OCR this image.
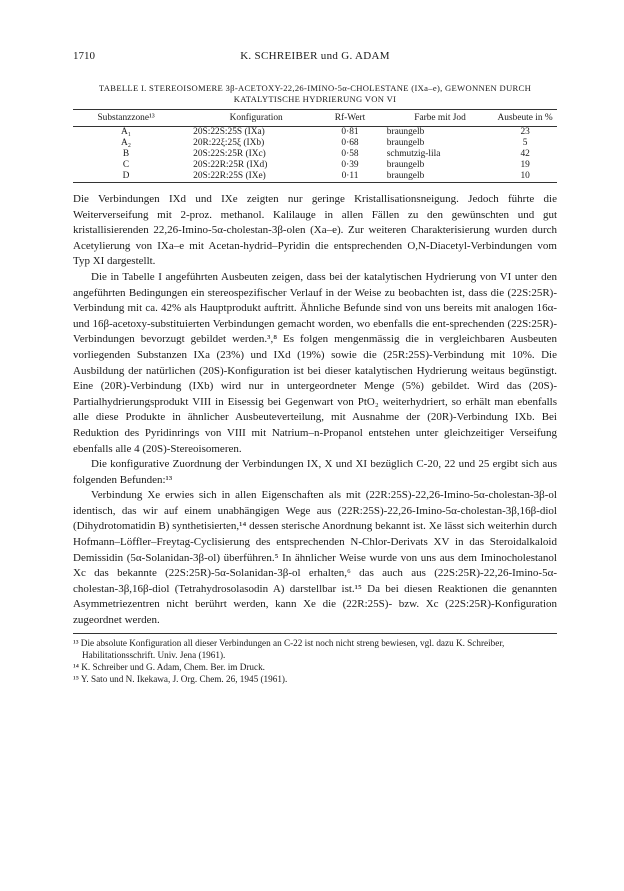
1710	K. SCHREIBER und G. ADAM
TABELLE I. STEREOISOMERE 3β-ACETOXY-22,26-IMINO-5α-CHOLESTANE (IXa–e), GEWONNEN DURCH
KATALYTISCHE HYDRIERUNG VON VI
Substanzzone¹³	Konfiguration	Rf-Wert	Farbe mit Jod	Ausbeute in %

A₁	20S:22S:25S (IXa)	0·81	braungelb	23
A₂	20R:22ξ:25ξ (IXb)	0·68	braungelb	5
B	20S:22S:25R (IXc)	0·58	schmutzig-lila	42
C	20S:22R:25R (IXd)	0·39	braungelb	19
D	20S:22R:25S (IXe)	0·11	braungelb	10

Die Verbindungen IXd und IXe zeigten nur geringe Kristallisationsneigung. Jedoch führte die Weiterverseifung mit 2-proz. methanol. Kalilauge in allen Fällen zu den gewünschten und gut kristallisierenden 22,26-Imino-5α-cholestan-3β-olen (Xa–e). Zur weiteren Charakterisierung wurden durch Acetylierung von IXa–e mit Acetan-hydrid–Pyridin die entsprechenden O,N-Diacetyl-Verbindungen vom Typ XI dargestellt.

Die in Tabelle I angeführten Ausbeuten zeigen, dass bei der katalytischen Hydrierung von VI unter den angeführten Bedingungen ein stereospezifischer Verlauf in der Weise zu beobachten ist, dass die (22S:25R)-Verbindung mit ca. 42% als Hauptprodukt auftritt. Ähnliche Befunde sind von uns bereits mit analogen 16α- und 16β-acetoxy-substituierten Verbindungen gemacht worden, wo ebenfalls die ent-sprechenden (22S:25R)-Verbindungen bevorzugt gebildet werden.³,⁸ Es folgen mengenmässig die in vergleichbaren Ausbeuten vorliegenden Substanzen IXa (23%) und IXd (19%) sowie die (25R:25S)-Verbindung mit 10%. Die Ausbildung der natürlichen (20S)-Konfiguration ist bei dieser katalytischen Hydrierung weitaus begünstigt. Eine (20R)-Verbindung (IXb) wird nur in untergeordneter Menge (5%) gebildet. Wird das (20S)-Partialhydrierungsprodukt VIII in Eisessig bei Gegenwart von PtO₂ weiterhydriert, so erhält man ebenfalls alle diese Produkte in ähnlicher Ausbeuteverteilung, mit Ausnahme der (20R)-Verbindung IXb. Bei Reduktion des Pyridinrings von VIII mit Natrium–n-Propanol entstehen unter gleichzeitiger Verseifung ebenfalls alle 4 (20S)-Stereoisomeren.

Die konfigurative Zuordnung der Verbindungen IX, X und XI bezüglich C-20, 22 und 25 ergibt sich aus folgenden Befunden:¹³

Verbindung Xe erwies sich in allen Eigenschaften als mit (22R:25S)-22,26-Imino-5α-cholestan-3β-ol identisch, das wir auf einem unabhängigen Wege aus (22R:25S)-22,26-Imino-5α-cholestan-3β,16β-diol (Dihydrotomatidin B) synthetisierten,¹⁴ dessen sterische Anordnung bekannt ist. Xe lässt sich weiterhin durch Hofmann–Löffler–Freytag-Cyclisierung des entsprechenden N-Chlor-Derivats XV in das Steroidalkaloid Demissidin (5α-Solanidan-3β-ol) überführen.⁵ In ähnlicher Weise wurde von uns aus dem Iminocholestanol Xc das bekannte (22S:25R)-5α-Solanidan-3β-ol erhalten,⁶ das auch aus (22S:25R)-22,26-Imino-5α-cholestan-3β,16β-diol (Tetrahydrosolasodin A) darstellbar ist.¹⁵ Da bei diesen Reaktionen die genannten Asymmetriezentren nicht berührt werden, kann Xe die (22R:25S)- bzw. Xc (22S:25R)-Konfiguration zugeordnet werden.

¹³ Die absolute Konfiguration all dieser Verbindungen an C-22 ist noch nicht streng bewiesen, vgl. dazu K. Schreiber, Habilitationsschrift. Univ. Jena (1961).

¹⁴ K. Schreiber und G. Adam, Chem. Ber. im Druck.

¹⁵ Y. Sato und N. Ikekawa, J. Org. Chem. 26, 1945 (1961).
